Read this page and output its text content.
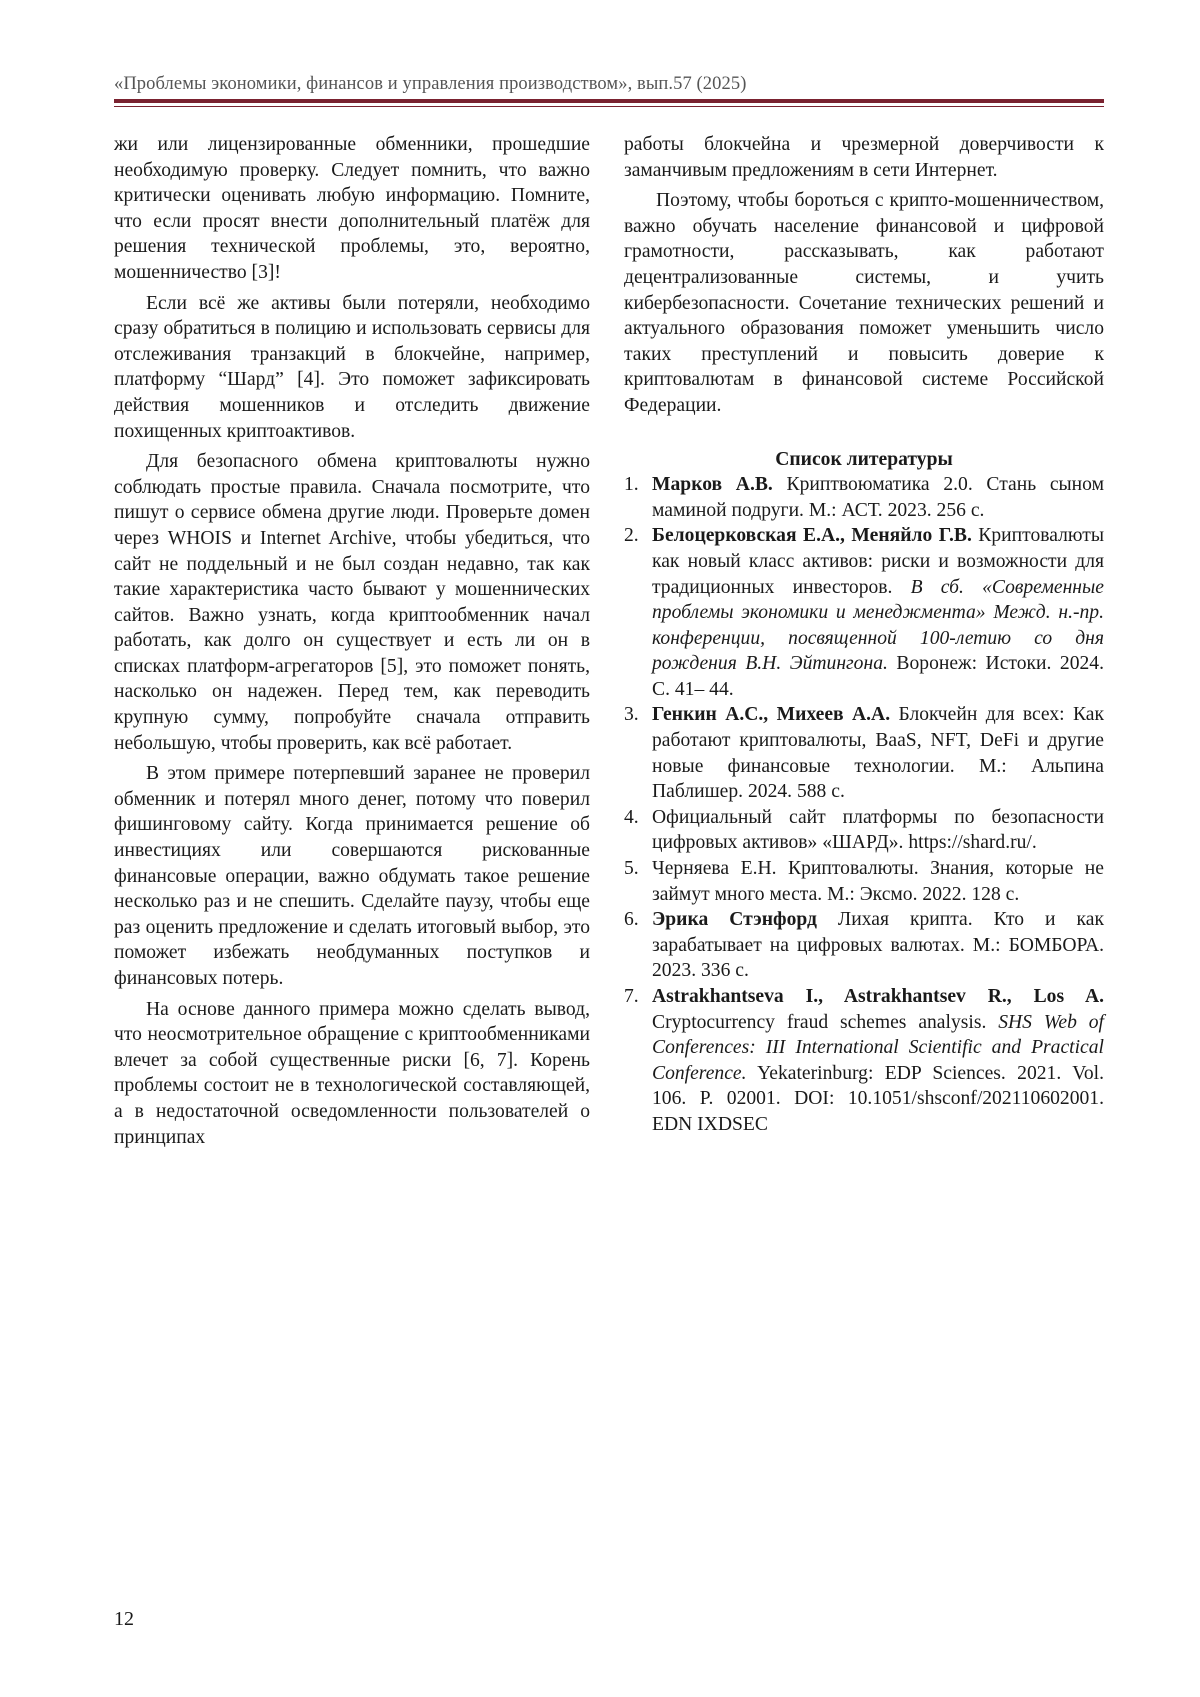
«Проблемы экономики, финансов и управления производством», вып.57 (2025)

жи или лицензированные обменники, прошедшие необходимую проверку. Следует помнить, что важно критически оценивать любую информацию. Помните, что если просят внести дополнительный платёж для решения технической проблемы, это, вероятно, мошенничество [3]!

Если всё же активы были потеряли, необходимо сразу обратиться в полицию и использовать сервисы для отслеживания транзакций в блокчейне, например, платформу “Шард” [4]. Это поможет зафиксировать действия мошенников и отследить движение похищенных криптоактивов.

Для безопасного обмена криптовалюты нужно соблюдать простые правила. Сначала посмотрите, что пишут о сервисе обмена другие люди. Проверьте домен через WHOIS и Internet Archive, чтобы убедиться, что сайт не поддельный и не был создан недавно, так как такие характеристика часто бывают у мошеннических сайтов. Важно узнать, когда криптообменник начал работать, как долго он существует и есть ли он в списках платформ-агрегаторов [5], это поможет понять, насколько он надежен. Перед тем, как переводить крупную сумму, попробуйте сначала отправить небольшую, чтобы проверить, как всё работает.

В этом примере потерпевший заранее не проверил обменник и потерял много денег, потому что поверил фишинговому сайту. Когда принимается решение об инвестициях или совершаются рискованные финансовые операции, важно обдумать такое решение несколько раз и не спешить. Сделайте паузу, чтобы еще раз оценить предложение и сделать итоговый выбор, это поможет избежать необдуманных поступков и финансовых потерь.

На основе данного примера можно сделать вывод, что неосмотрительное обращение с криптообменниками влечет за собой существенные риски [6, 7]. Корень проблемы состоит не в технологической составляющей, а в недостаточной осведомленности пользователей о принципах

работы блокчейна и чрезмерной доверчивости к заманчивым предложениям в сети Интернет.

Поэтому, чтобы бороться с крипто-мошенничеством, важно обучать население финансовой и цифровой грамотности, рассказывать, как работают децентрализованные системы, и учить кибербезопасности. Сочетание технических решений и актуального образования поможет уменьшить число таких преступлений и повысить доверие к криптовалютам в финансовой системе Российской Федерации.

Список литературы
1. Марков А.В. Криптвоюматика 2.0. Стань сыном маминой подруги. М.: АСТ. 2023. 256 с.
2. Белоцерковская Е.А., Меняйло Г.В. Криптовалюты как новый класс активов: риски и возможности для традиционных инвесторов. В сб. «Современные проблемы экономики и менеджмента» Межд. н.-пр. конференции, посвященной 100-летию со дня рождения В.Н. Эйтингона. Воронеж: Истоки. 2024. С. 41– 44.
3. Генкин А.С., Михеев А.А. Блокчейн для всех: Как работают криптовалюты, BaaS, NFT, DeFi и другие новые финансовые технологии. М.: Альпина Паблишер. 2024. 588 с.
4. Официальный сайт платформы по безопасности цифровых активов» «ШАРД». https://shard.ru/.
5. Черняева Е.Н. Криптовалюты. Знания, которые не займут много места. М.: Эксмо. 2022. 128 с.
6. Эрика Стэнфорд Лихая крипта. Кто и как зарабатывает на цифровых валютах. М.: БОМБОРА. 2023. 336 с.
7. Astrakhantseva I., Astrakhantsev R., Los A. Cryptocurrency fraud schemes analysis. SHS Web of Conferences: III International Scientific and Practical Conference. Yekaterinburg: EDP Sciences. 2021. Vol. 106. P. 02001. DOI: 10.1051/shsconf/202110602001. EDN IXDSEC
12
